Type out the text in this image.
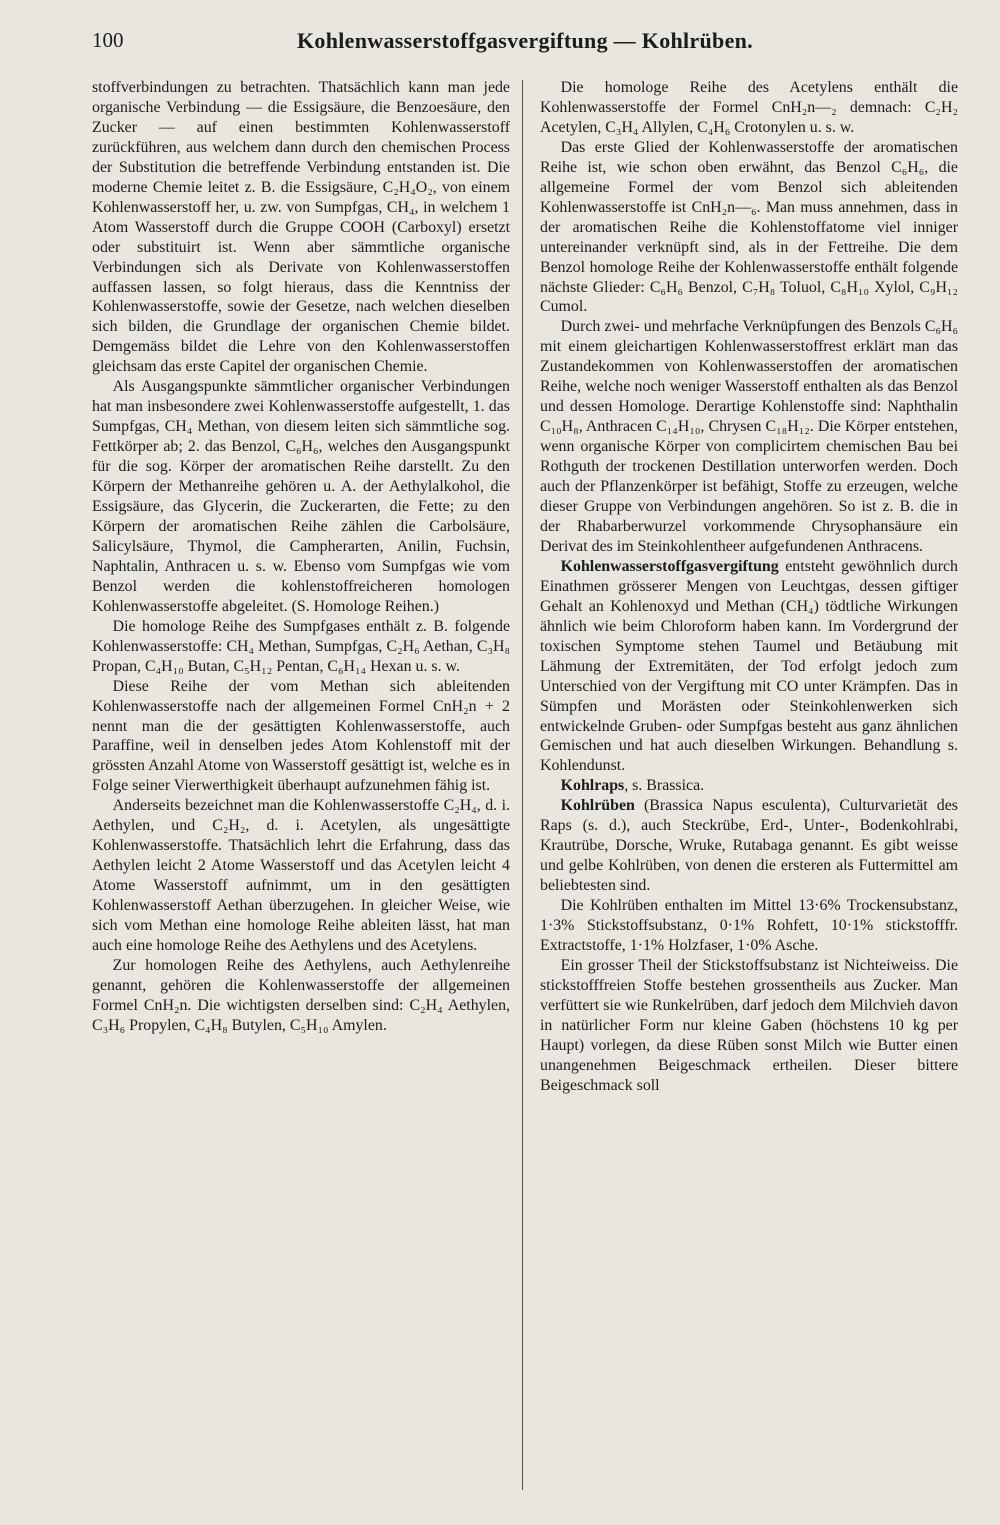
100	Kohlenwasserstoffgasvergiftung — Kohlrüben.

stoffverbindungen zu betrachten. Thatsächlich kann man jede organische Verbindung — die Essigsäure, die Benzoesäure, den Zucker — auf einen bestimmten Kohlenwasserstoff zurückführen, aus welchem dann durch den chemischen Process der Substitution die betreffende Verbindung entstanden ist. Die moderne Chemie leitet z. B. die Essigsäure, C₂H₄O₂, von einem Kohlenwasserstoff her, u. zw. von Sumpfgas, CH₄, in welchem 1 Atom Wasserstoff durch die Gruppe COOH (Carboxyl) ersetzt oder substituirt ist. Wenn aber sämmtliche organische Verbindungen sich als Derivate von Kohlenwasserstoffen auffassen lassen, so folgt hieraus, dass die Kenntniss der Kohlenwasserstoffe, sowie der Gesetze, nach welchen dieselben sich bilden, die Grundlage der organischen Chemie bildet. Demgemäss bildet die Lehre von den Kohlenwasserstoffen gleichsam das erste Capitel der organischen Chemie.

Als Ausgangspunkte sämmtlicher organischer Verbindungen hat man insbesondere zwei Kohlenwasserstoffe aufgestellt, 1. das Sumpfgas, CH₄ Methan, von diesem leiten sich sämmtliche sog. Fettkörper ab; 2. das Benzol, C₆H₆, welches den Ausgangspunkt für die sog. Körper der aromatischen Reihe darstellt. Zu den Körpern der Methanreihe gehören u. A. der Aethylalkohol, die Essigsäure, das Glycerin, die Zuckerarten, die Fette; zu den Körpern der aromatischen Reihe zählen die Carbolsäure, Salicylsäure, Thymol, die Campherarten, Anilin, Fuchsin, Naphtalin, Anthracen u. s. w. Ebenso vom Sumpfgas wie vom Benzol werden die kohlenstoffreicheren homologen Kohlenwasserstoffe abgeleitet. (S. Homologe Reihen.)

Die homologe Reihe des Sumpfgases enthält z. B. folgende Kohlenwasserstoffe: CH₄ Methan, Sumpfgas, C₂H₆ Aethan, C₃H₈ Propan, C₄H₁₀ Butan, C₅H₁₂ Pentan, C₆H₁₄ Hexan u. s. w.

Diese Reihe der vom Methan sich ableitenden Kohlenwasserstoffe nach der allgemeinen Formel CnH₂n + 2 nennt man die der gesättigten Kohlenwasserstoffe, auch Paraffine, weil in denselben jedes Atom Kohlenstoff mit der grössten Anzahl Atome von Wasserstoff gesättigt ist, welche es in Folge seiner Vierwerthigkeit überhaupt aufzunehmen fähig ist.

Anderseits bezeichnet man die Kohlenwasserstoffe C₂H₄, d. i. Aethylen, und C₂H₂, d. i. Acetylen, als ungesättigte Kohlenwasserstoffe. Thatsächlich lehrt die Erfahrung, dass das Aethylen leicht 2 Atome Wasserstoff und das Acetylen leicht 4 Atome Wasserstoff aufnimmt, um in den gesättigten Kohlenwasserstoff Aethan überzugehen. In gleicher Weise, wie sich vom Methan eine homologe Reihe ableiten lässt, hat man auch eine homologe Reihe des Aethylens und des Acetylens.

Zur homologen Reihe des Aethylens, auch Aethylenreihe genannt, gehören die Kohlenwasserstoffe der allgemeinen Formel CnH₂n. Die wichtigsten derselben sind: C₂H₄ Aethylen, C₃H₆ Propylen, C₄H₈ Butylen, C₅H₁₀ Amylen.

Die homologe Reihe des Acetylens enthält die Kohlenwasserstoffe der Formel CnH₂n—₂ demnach: C₂H₂ Acetylen, C₃H₄ Allylen, C₄H₆ Crotonylen u. s. w.

Das erste Glied der Kohlenwasserstoffe der aromatischen Reihe ist, wie schon oben erwähnt, das Benzol C₆H₆, die allgemeine Formel der vom Benzol sich ableitenden Kohlenwasserstoffe ist CnH₂n—₆. Man muss annehmen, dass in der aromatischen Reihe die Kohlenstoffatome viel inniger untereinander verknüpft sind, als in der Fettreihe. Die dem Benzol homologe Reihe der Kohlenwasserstoffe enthält folgende nächste Glieder: C₆H₆ Benzol, C₇H₈ Toluol, C₈H₁₀ Xylol, C₉H₁₂ Cumol.

Durch zwei- und mehrfache Verknüpfungen des Benzols C₆H₆ mit einem gleichartigen Kohlenwasserstoffrest erklärt man das Zustandekommen von Kohlenwasserstoffen der aromatischen Reihe, welche noch weniger Wasserstoff enthalten als das Benzol und dessen Homologe. Derartige Kohlenstoffe sind: Naphthalin C₁₀H₈, Anthracen C₁₄H₁₀, Chrysen C₁₈H₁₂. Die Körper entstehen, wenn organische Körper von complicirtem chemischen Bau bei Rothguth der trockenen Destillation unterworfen werden. Doch auch der Pflanzenkörper ist befähigt, Stoffe zu erzeugen, welche dieser Gruppe von Verbindungen angehören. So ist z. B. die in der Rhabarberwurzel vorkommende Chrysophansäure ein Derivat des im Steinkohlentheer aufgefundenen Anthracens.

Kohlenwasserstoffgasvergiftung entsteht gewöhnlich durch Einathmen grösserer Mengen von Leuchtgas, dessen giftiger Gehalt an Kohlenoxyd und Methan (CH₄) tödtliche Wirkungen ähnlich wie beim Chloroform haben kann. Im Vordergrund der toxischen Symptome stehen Taumel und Betäubung mit Lähmung der Extremitäten, der Tod erfolgt jedoch zum Unterschied von der Vergiftung mit CO unter Krämpfen. Das in Sümpfen und Morästen oder Steinkohlenwerken sich entwickelnde Gruben- oder Sumpfgas besteht aus ganz ähnlichen Gemischen und hat auch dieselben Wirkungen. Behandlung s. Kohlendunst.

Kohlraps, s. Brassica.

Kohlrüben (Brassica Napus esculenta), Culturvarietät des Raps (s. d.), auch Steckrübe, Erd-, Unter-, Bodenkohlrabi, Krautrübe, Dorsche, Wruke, Rutabaga genannt. Es gibt weisse und gelbe Kohlrüben, von denen die ersteren als Futtermittel am beliebtesten sind.

Die Kohlrüben enthalten im Mittel 13·6% Trockensubstanz, 1·3% Stickstoffsubstanz, 0·1% Rohfett, 10·1% stickstofffr. Extractstoffe, 1·1% Holzfaser, 1·0% Asche.

Ein grosser Theil der Stickstoffsubstanz ist Nichteiweiss. Die stickstofffreien Stoffe bestehen grossentheils aus Zucker. Man verfüttert sie wie Runkelrüben, darf jedoch dem Milchvieh davon in natürlicher Form nur kleine Gaben (höchstens 10 kg per Haupt) vorlegen, da diese Rüben sonst Milch wie Butter einen unangenehmen Beigeschmack ertheilen. Dieser bittere Beigeschmack soll
